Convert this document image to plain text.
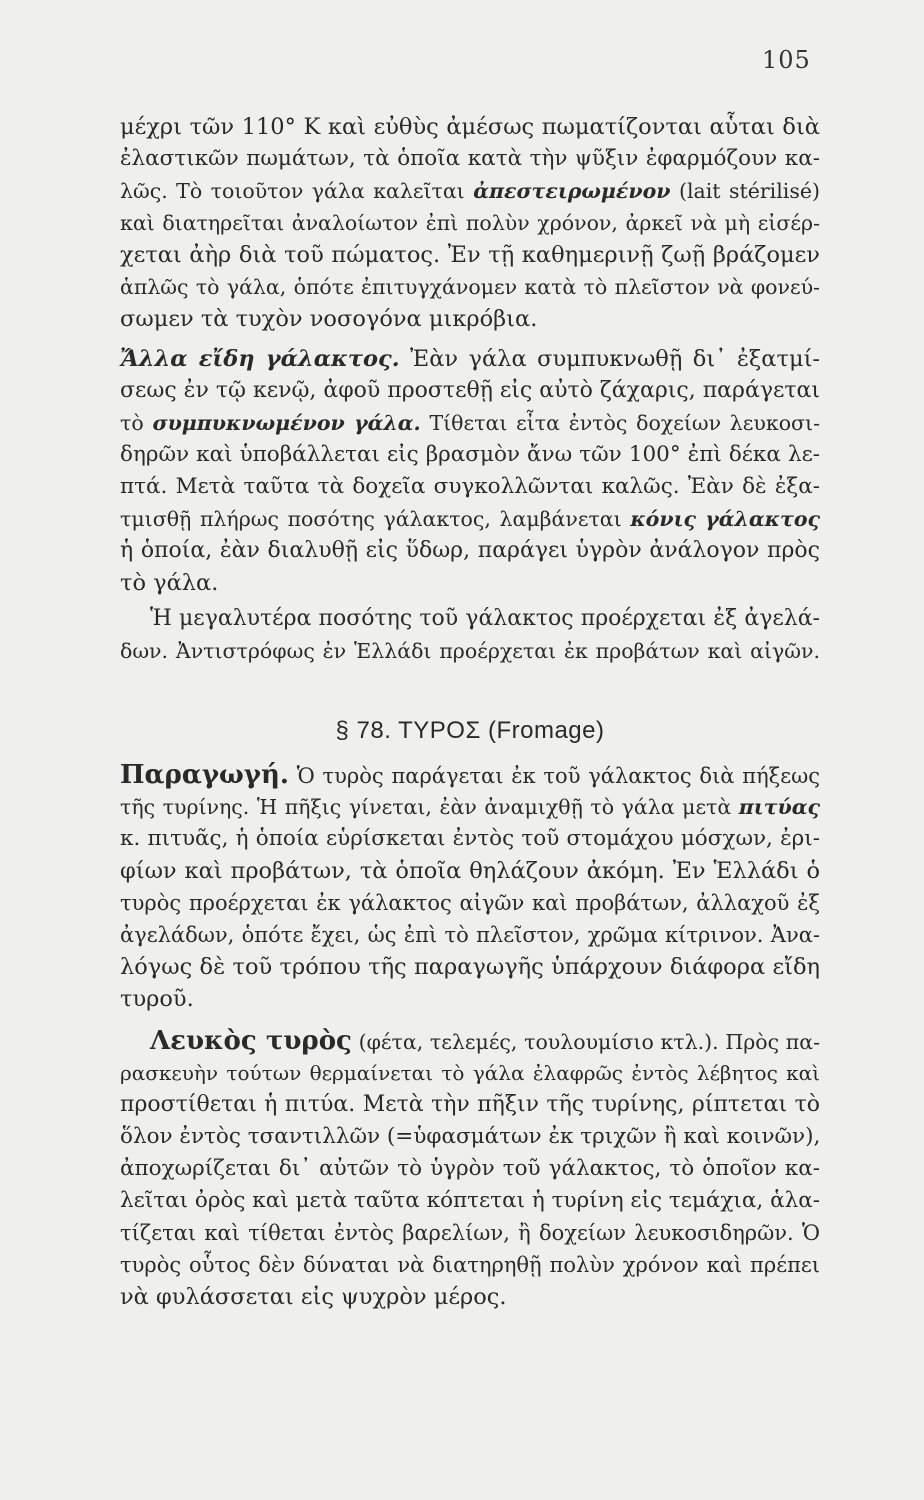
105
μέχρι τῶν 110° Κ καὶ εὐθὺς ἀμέσως πωματίζονται αὗται διὰ
ἐλαστικῶν πωμάτων, τὰ ὁποῖα κατὰ τὴν ψῦξιν ἐφαρμόζουν κα-
λῶς. Τὸ τοιοῦτον γάλα καλεῖται ἀπεστειρωμένον (lait stérilisé)
καὶ διατηρεῖται ἀναλοίωτον ἐπὶ πολὺν χρόνον, ἀρκεῖ νὰ μὴ εἰσέρ-
χεται ἀὴρ διὰ τοῦ πώματος. Ἐν τῇ καθημερινῇ ζωῇ βράζομεν
ἁπλῶς τὸ γάλα, ὁπότε ἐπιτυγχάνομεν κατὰ τὸ πλεῖστον νὰ φονεύ-
σωμεν τὰ τυχὸν νοσογόνα μικρόβια.
Ἄλλα εἴδη γάλακτος. Ἐὰν γάλα συμπυκνωθῇ δι᾿ ἐξατμί-
σεως ἐν τῷ κενῷ, ἀφοῦ προστεθῇ εἰς αὐτὸ ζάχαρις, παράγεται
τὸ συμπυκνωμένον γάλα. Τίθεται εἶτα ἐντὸς δοχείων λευκοσι-
δηρῶν καὶ ὑποβάλλεται εἰς βρασμὸν ἄνω τῶν 100° ἐπὶ δέκα λε-
πτά. Μετὰ ταῦτα τὰ δοχεῖα συγκολλῶνται καλῶς. Ἐὰν δὲ ἐξα-
τμισθῇ πλήρως ποσότης γάλακτος, λαμβάνεται κόνις γάλακτος
ἡ ὁποία, ἐὰν διαλυθῇ εἰς ὕδωρ, παράγει ὑγρὸν ἀνάλογον πρὸς
τὸ γάλα.
Ἡ μεγαλυτέρα ποσότης τοῦ γάλακτος προέρχεται ἐξ ἀγελά-
δων. Ἀντιστρόφως ἐν Ἑλλάδι προέρχεται ἐκ προβάτων καὶ αἰγῶν.
§ 78. ΤΥΡΟΣ (Fromage)
Παραγωγή. Ὁ τυρὸς παράγεται ἐκ τοῦ γάλακτος διὰ πήξεως
τῆς τυρίνης. Ἡ πῆξις γίνεται, ἐὰν ἀναμιχθῇ τὸ γάλα μετὰ πιτύας
κ. πιτυᾶς, ἡ ὁποία εὑρίσκεται ἐντὸς τοῦ στομάχου μόσχων, ἐρι-
φίων καὶ προβάτων, τὰ ὁποῖα θηλάζουν ἀκόμη. Ἐν Ἑλλάδι ὁ
τυρὸς προέρχεται ἐκ γάλακτος αἰγῶν καὶ προβάτων, ἀλλαχοῦ ἐξ
ἀγελάδων, ὁπότε ἔχει, ὡς ἐπὶ τὸ πλεῖστον, χρῶμα κίτρινον. Ἀνα-
λόγως δὲ τοῦ τρόπου τῆς παραγωγῆς ὑπάρχουν διάφορα εἴδη
τυροῦ.
Λευκὸς τυρὸς (φέτα, τελεμές, τουλουμίσιο κτλ.). Πρὸς πα-
ρασκευὴν τούτων θερμαίνεται τὸ γάλα ἐλαφρῶς ἐντὸς λέβητος καὶ
προστίθεται ἡ πιτύα. Μετὰ τὴν πῆξιν τῆς τυρίνης, ρίπτεται τὸ
ὅλον ἐντὸς τσαντιλλῶν (=ὑφασμάτων ἐκ τριχῶν ἢ καὶ κοινῶν),
ἀποχωρίζεται δι᾿ αὐτῶν τὸ ὑγρὸν τοῦ γάλακτος, τὸ ὁποῖον κα-
λεῖται ὀρὸς καὶ μετὰ ταῦτα κόπτεται ἡ τυρίνη εἰς τεμάχια, ἁλα-
τίζεται καὶ τίθεται ἐντὸς βαρελίων, ἢ δοχείων λευκοσιδηρῶν. Ὁ
τυρὸς οὗτος δὲν δύναται νὰ διατηρηθῇ πολὺν χρόνον καὶ πρέπει
νὰ φυλάσσεται εἰς ψυχρὸν μέρος.
